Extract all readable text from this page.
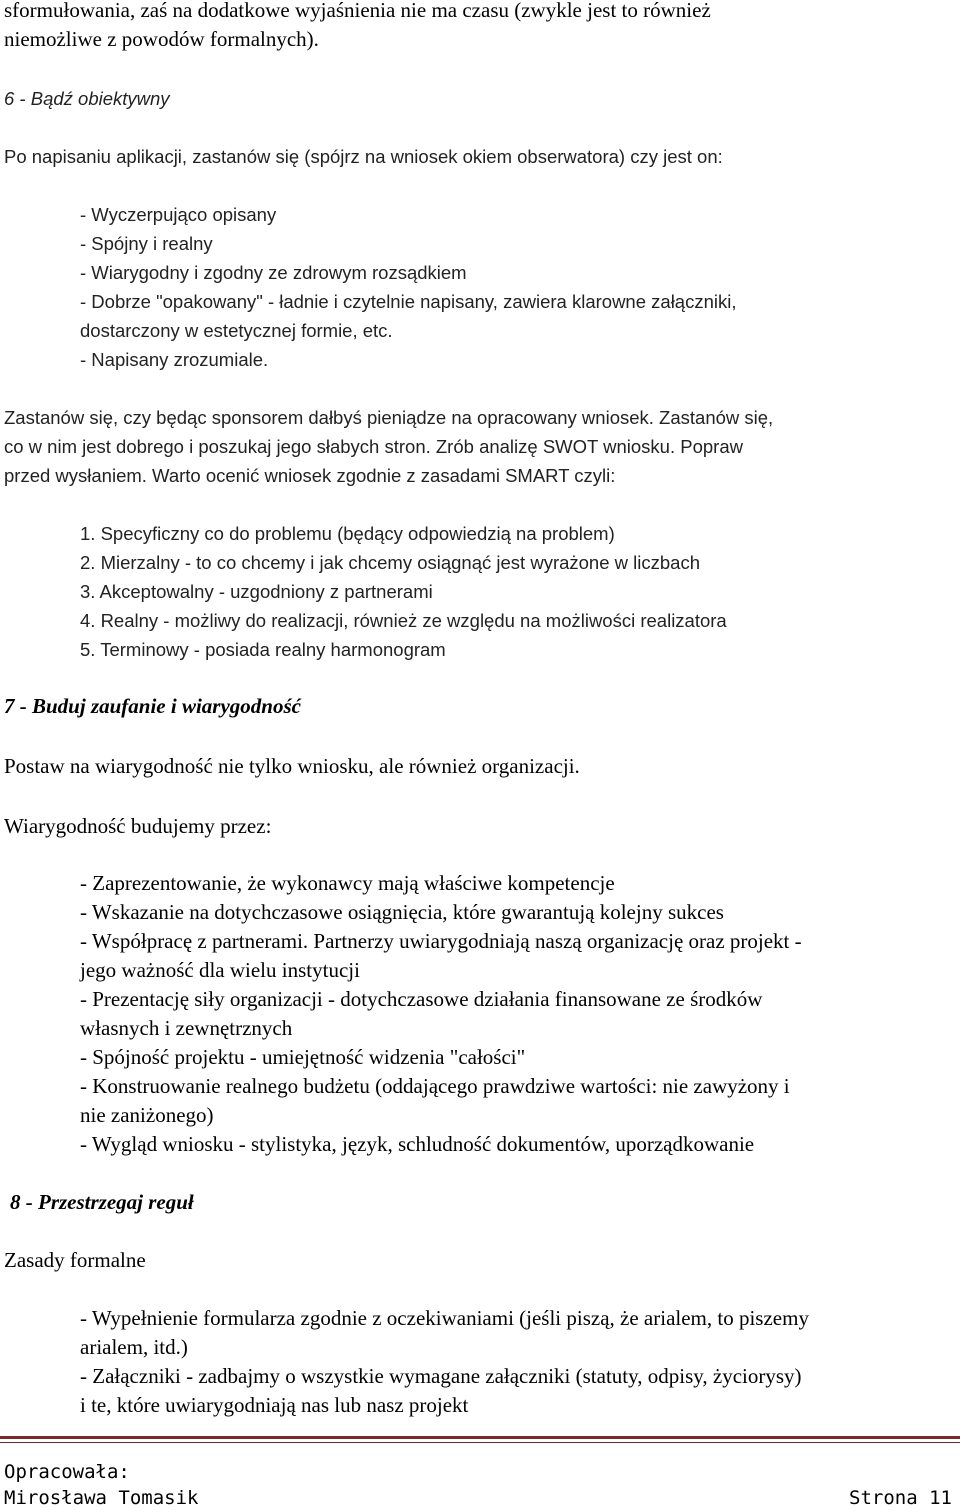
sformułowania, zaś na dodatkowe wyjaśnienia nie ma czasu (zwykle jest to również

niemożliwe z powodów formalnych).

6 - Bądź obiektywny
Po napisaniu aplikacji, zastanów się (spójrz na wniosek okiem obserwatora) czy jest on:

- Wyczerpująco opisany

- Spójny i realny

- Wiarygodny i zgodny ze zdrowym rozsądkiem

- Dobrze "opakowany" - ładnie i czytelnie napisany, zawiera klarowne załączniki,

dostarczony w estetycznej formie, etc.

- Napisany zrozumiale.

Zastanów się, czy będąc sponsorem dałbyś pieniądze na opracowany wniosek. Zastanów się,

co w nim jest dobrego i poszukaj jego słabych stron. Zrób analizę SWOT wniosku. Popraw

przed wysłaniem. Warto ocenić wniosek zgodnie z zasadami SMART czyli:

1. Specyficzny co do problemu (będący odpowiedzią na problem)

2. Mierzalny - to co chcemy i jak chcemy osiągnąć jest wyrażone w liczbach

3. Akceptowalny - uzgodniony z partnerami

4. Realny - możliwy do realizacji, również ze względu na możliwości realizatora

5. Terminowy - posiada realny harmonogram

7 - Buduj zaufanie i wiarygodność
Postaw na wiarygodność nie tylko wniosku, ale również organizacji.
Wiarygodność budujemy przez:

- Zaprezentowanie, że wykonawcy mają właściwe kompetencje

- Wskazanie na dotychczasowe osiągnięcia, które gwarantują kolejny sukces

- Współpracę z partnerami. Partnerzy uwiarygodniają naszą organizację oraz projekt -

jego ważność dla wielu instytucji

- Prezentację siły organizacji - dotychczasowe działania finansowane ze środków

własnych i zewnętrznych

- Spójność projektu - umiejętność widzenia "całości"

- Konstruowanie realnego budżetu (oddającego prawdziwe wartości: nie zawyżony i

nie zaniżonego)

- Wygląd wniosku - stylistyka, język, schludność dokumentów, uporządkowanie

8 - Przestrzegaj reguł
Zasady formalne

- Wypełnienie formularza zgodnie z oczekiwaniami (jeśli piszą, że arialem, to piszemy

arialem, itd.)

- Załączniki - zadbajmy o wszystkie wymagane załączniki (statuty, odpisy, życiorysy)

i te, które uwiarygodniają nas lub nasz projekt

Opracowała:
Mirosława Tomasik	Strona 11
